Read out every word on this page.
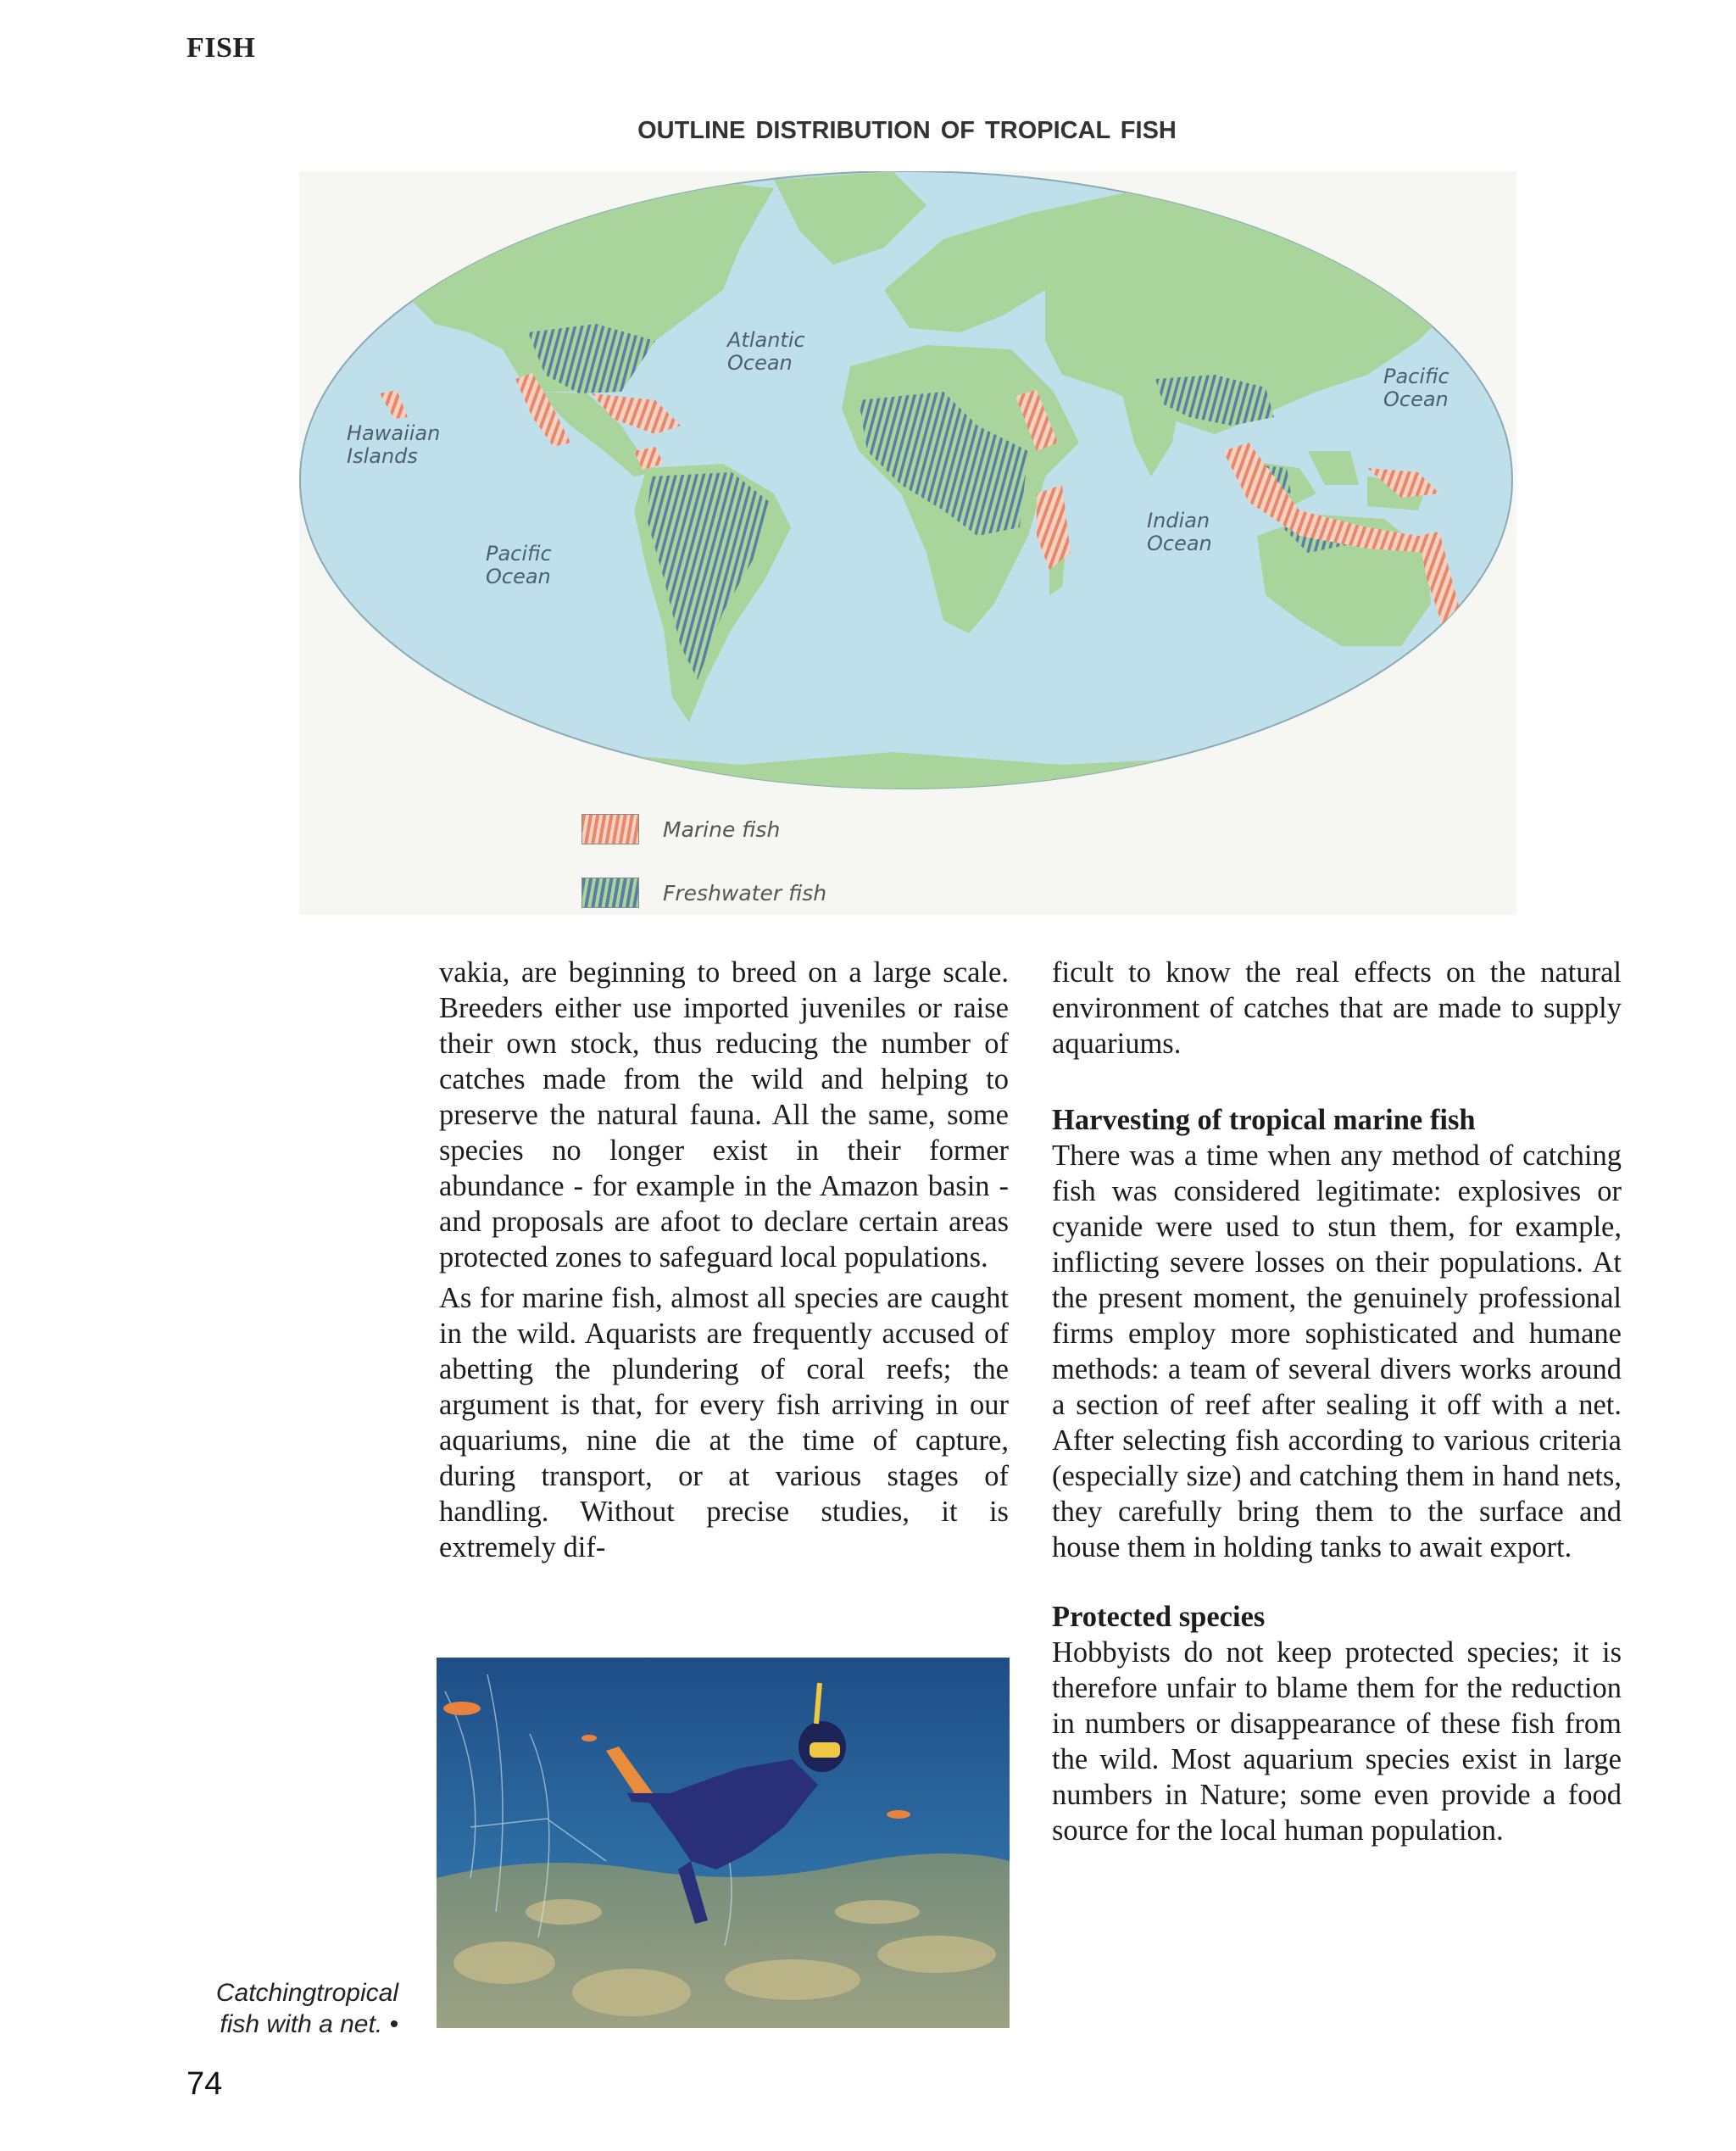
FISH
OUTLINE DISTRIBUTION OF TROPICAL FISH
Atlantic
Ocean
Pacific
Ocean
Hawaiian
Islands
Indian
Ocean
Pacific
Ocean
Marine fish
Freshwater fish

vakia, are beginning to breed on a large scale. Breeders either use imported juveniles or raise their own stock, thus reducing the number of catches made from the wild and helping to preserve the natural fauna. All the same, some species no longer exist in their former abundance - for example in the Amazon basin - and proposals are afoot to declare certain areas protected zones to safeguard local populations.

As for marine fish, almost all species are caught in the wild. Aquarists are frequently accused of abetting the plundering of coral reefs; the argument is that, for every fish arriving in our aquariums, nine die at the time of capture, during transport, or at various stages of handling. Without precise studies, it is extremely dif-

ficult to know the real effects on the natural environment of catches that are made to supply aquariums.

Harvesting of tropical marine fish

There was a time when any method of catching fish was considered legitimate: explosives or cyanide were used to stun them, for example, inflicting severe losses on their populations. At the present moment, the genuinely professional firms employ more sophisticated and humane methods: a team of several divers works around a section of reef after sealing it off with a net. After selecting fish according to various criteria (especially size) and catching them in hand nets, they carefully bring them to the surface and house them in holding tanks to await export.

Protected species

Hobbyists do not keep protected species; it is therefore unfair to blame them for the reduction in numbers or disappearance of these fish from the wild. Most aquarium species exist in large numbers in Nature; some even provide a food source for the local human population.

Catchingtropical
fish with a net. •
74
